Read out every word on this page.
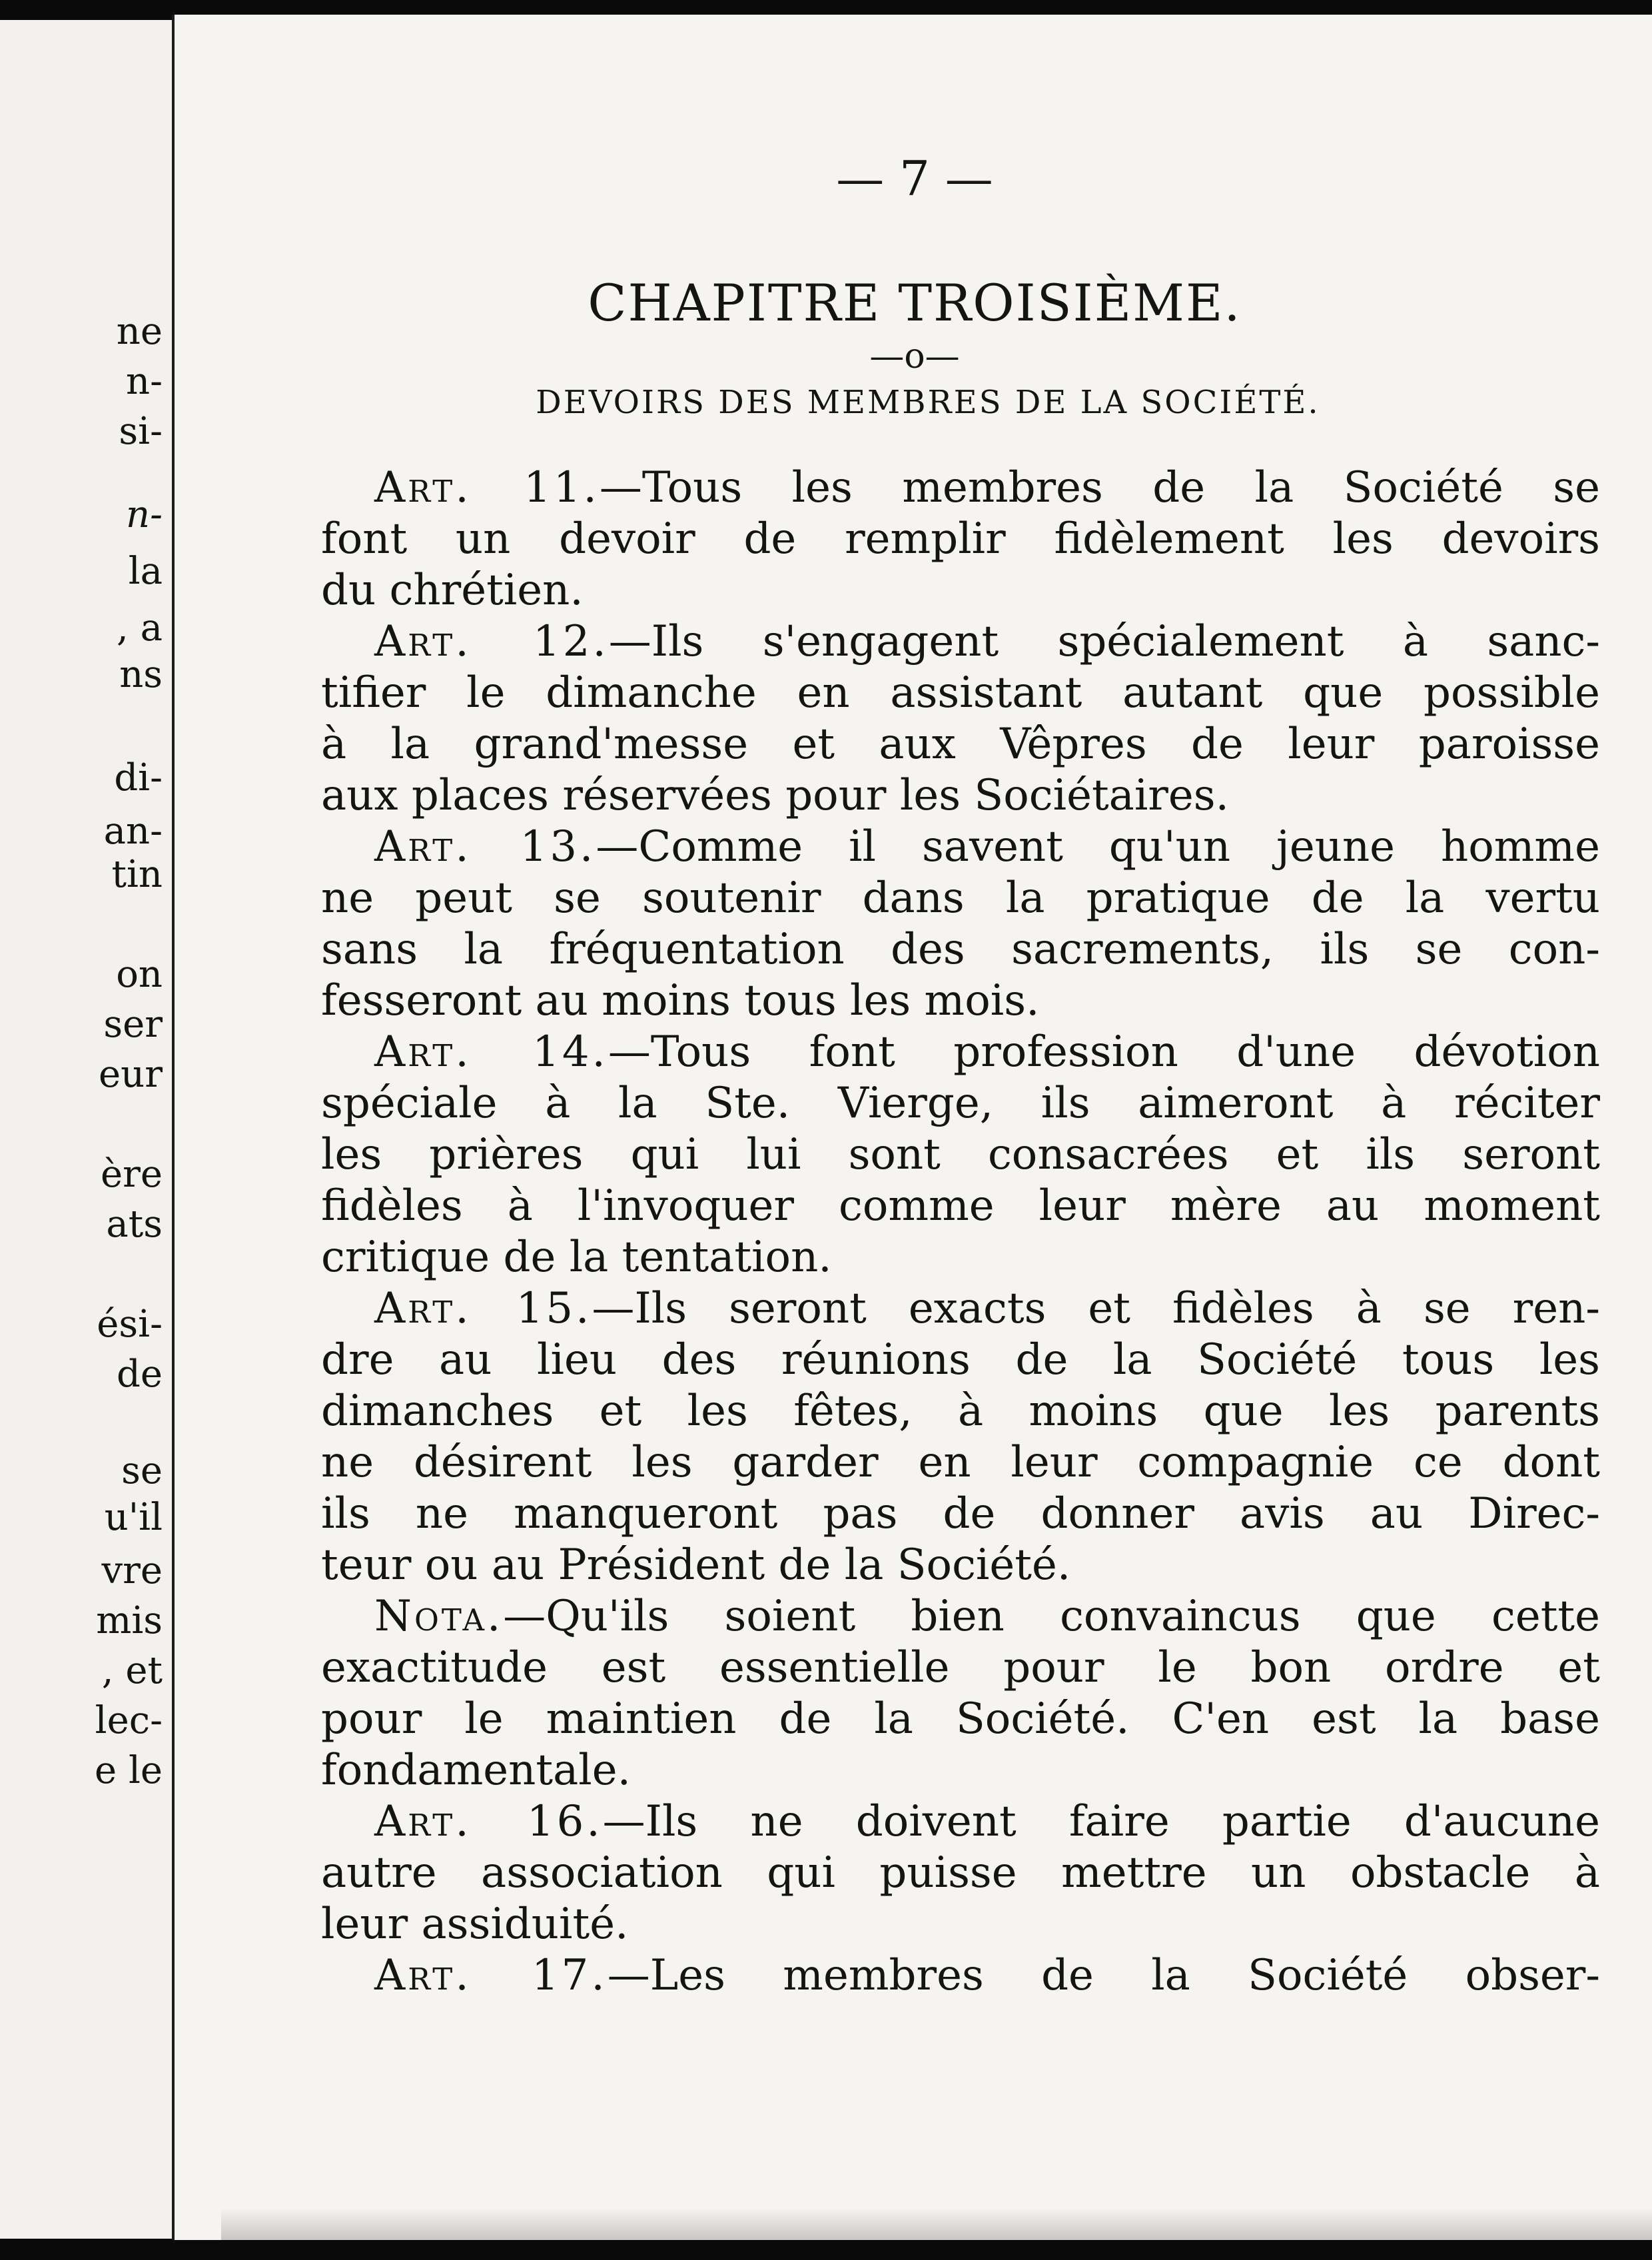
ne
n-
si-
n-
la
, a
ns
di-
an-
tin
on
ser
eur
ère
ats
ési-
de
se
u'il
vre
mis
, et
lec-
e le
— 7 —
CHAPITRE TROISIÈME.
—o—
DEVOIRS DES MEMBRES DE LA SOCIÉTÉ.
Art. 11.—Tous les membres de la Société se
font un devoir de remplir fidèlement les devoirs
du chrétien.
Art. 12.—Ils s'engagent spécialement à sanc-
tifier le dimanche en assistant autant que possible
à la grand'messe et aux Vêpres de leur paroisse
aux places réservées pour les Sociétaires.
Art. 13.—Comme il savent qu'un jeune homme
ne peut se soutenir dans la pratique de la vertu
sans la fréquentation des sacrements, ils se con-
fesseront au moins tous les mois.
Art. 14.—Tous font profession d'une dévotion
spéciale à la Ste. Vierge, ils aimeront à réciter
les prières qui lui sont consacrées et ils seront
fidèles à l'invoquer comme leur mère au moment
critique de la tentation.
Art. 15.—Ils seront exacts et fidèles à se ren-
dre au lieu des réunions de la Société tous les
dimanches et les fêtes, à moins que les parents
ne désirent les garder en leur compagnie ce dont
ils ne manqueront pas de donner avis au Direc-
teur ou au Président de la Société.
Nota.—Qu'ils soient bien convaincus que cette
exactitude est essentielle pour le bon ordre et
pour le maintien de la Société. C'en est la base
fondamentale.
Art. 16.—Ils ne doivent faire partie d'aucune
autre association qui puisse mettre un obstacle à
leur assiduité.
Art. 17.—Les membres de la Société obser-
